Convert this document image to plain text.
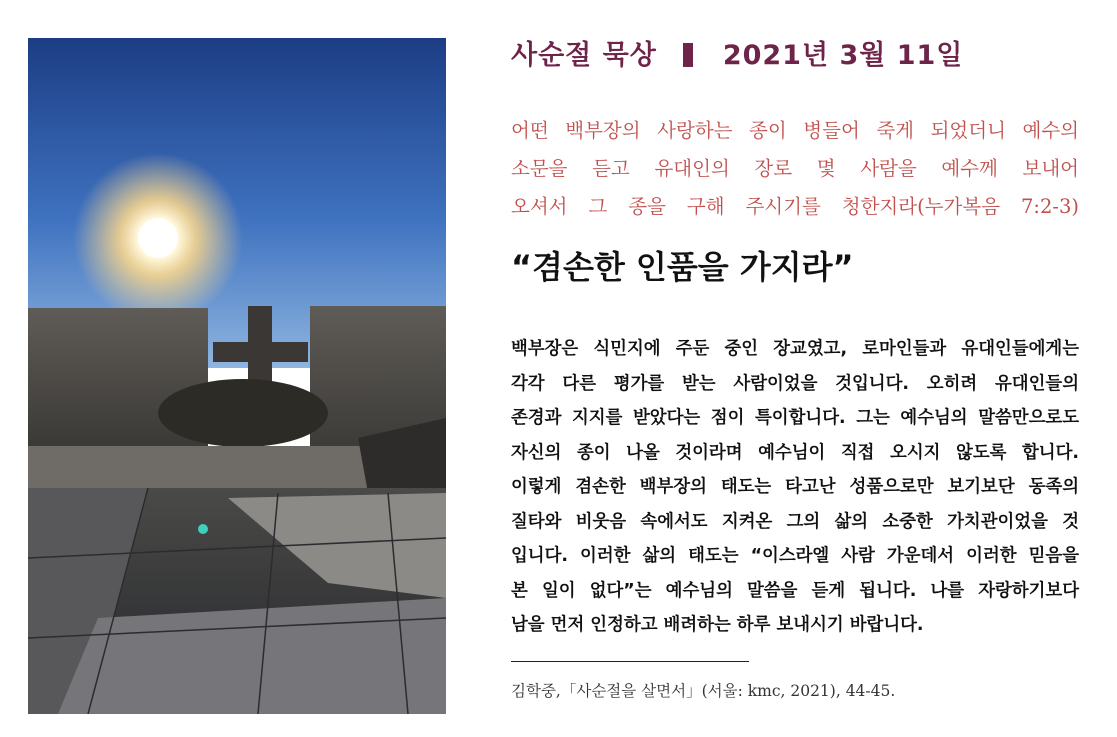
사순절 묵상 2021년 3월 11일
어떤 백부장의 사랑하는 종이 병들어 죽게 되었더니 예수의
소문을 듣고 유대인의 장로 몇 사람을 예수께 보내어
오셔서 그 종을 구해 주시기를 청한지라(누가복음 7:2-3)
“겸손한 인품을 가지라”
백부장은 식민지에 주둔 중인 장교였고, 로마인들과 유대인들에게는
각각 다른 평가를 받는 사람이었을 것입니다. 오히려 유대인들의
존경과 지지를 받았다는 점이 특이합니다. 그는 예수님의 말씀만으로도
자신의 종이 나올 것이라며 예수님이 직접 오시지 않도록 합니다.
이렇게 겸손한 백부장의 태도는 타고난 성품으로만 보기보단 동족의
질타와 비웃음 속에서도 지켜온 그의 삶의 소중한 가치관이었을 것
입니다. 이러한 삶의 태도는 “이스라엘 사람 가운데서 이러한 믿음을
본 일이 없다”는 예수님의 말씀을 듣게 됩니다. 나를 자랑하기보다
남을 먼저 인정하고 배려하는 하루 보내시기 바랍니다.
김학중,「사순절을 살면서」(서울: kmc, 2021), 44-45.
